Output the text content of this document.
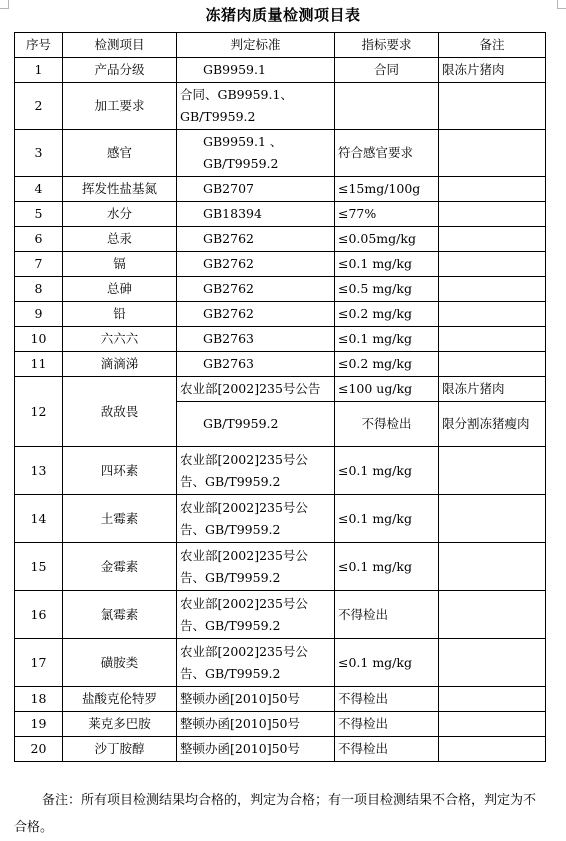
冻猪肉质量检测项目表
序号	检测项目	判定标准	指标要求	备注
1	产品分级	GB9959.1	合同	限冻片猪肉
2	加工要求	合同、GB9959.1、GB/T9959.2		
3	感官	GB9959.1 、GB/T9959.2	符合感官要求	
4	挥发性盐基氮	GB2707	≤15mg/100g	
5	水分	GB18394	≤77%	
6	总汞	GB2762	≤0.05mg/kg	
7	镉	GB2762	≤0.1 mg/kg	
8	总砷	GB2762	≤0.5 mg/kg	
9	铅	GB2762	≤0.2 mg/kg	
10	六六六	GB2763	≤0.1 mg/kg	
11	滴滴涕	GB2763	≤0.2 mg/kg	
12	敌敌畏	农业部[2002]235号公告	≤100 ug/kg	限冻片猪肉
		GB/T9959.2	不得检出	限分割冻猪瘦肉
13	四环素	农业部[2002]235号公告、GB/T9959.2	≤0.1 mg/kg	
14	土霉素	农业部[2002]235号公告、GB/T9959.2	≤0.1 mg/kg	
15	金霉素	农业部[2002]235号公告、GB/T9959.2	≤0.1 mg/kg	
16	氯霉素	农业部[2002]235号公告、GB/T9959.2	不得检出	
17	磺胺类	农业部[2002]235号公告、GB/T9959.2	≤0.1 mg/kg	
18	盐酸克伦特罗	整顿办函[2010]50号	不得检出	
19	莱克多巴胺	整顿办函[2010]50号	不得检出	
20	沙丁胺醇	整顿办函[2010]50号	不得检出	

备注：所有项目检测结果均合格的，判定为合格；有一项目检测结果不合格，判定为不合格。
